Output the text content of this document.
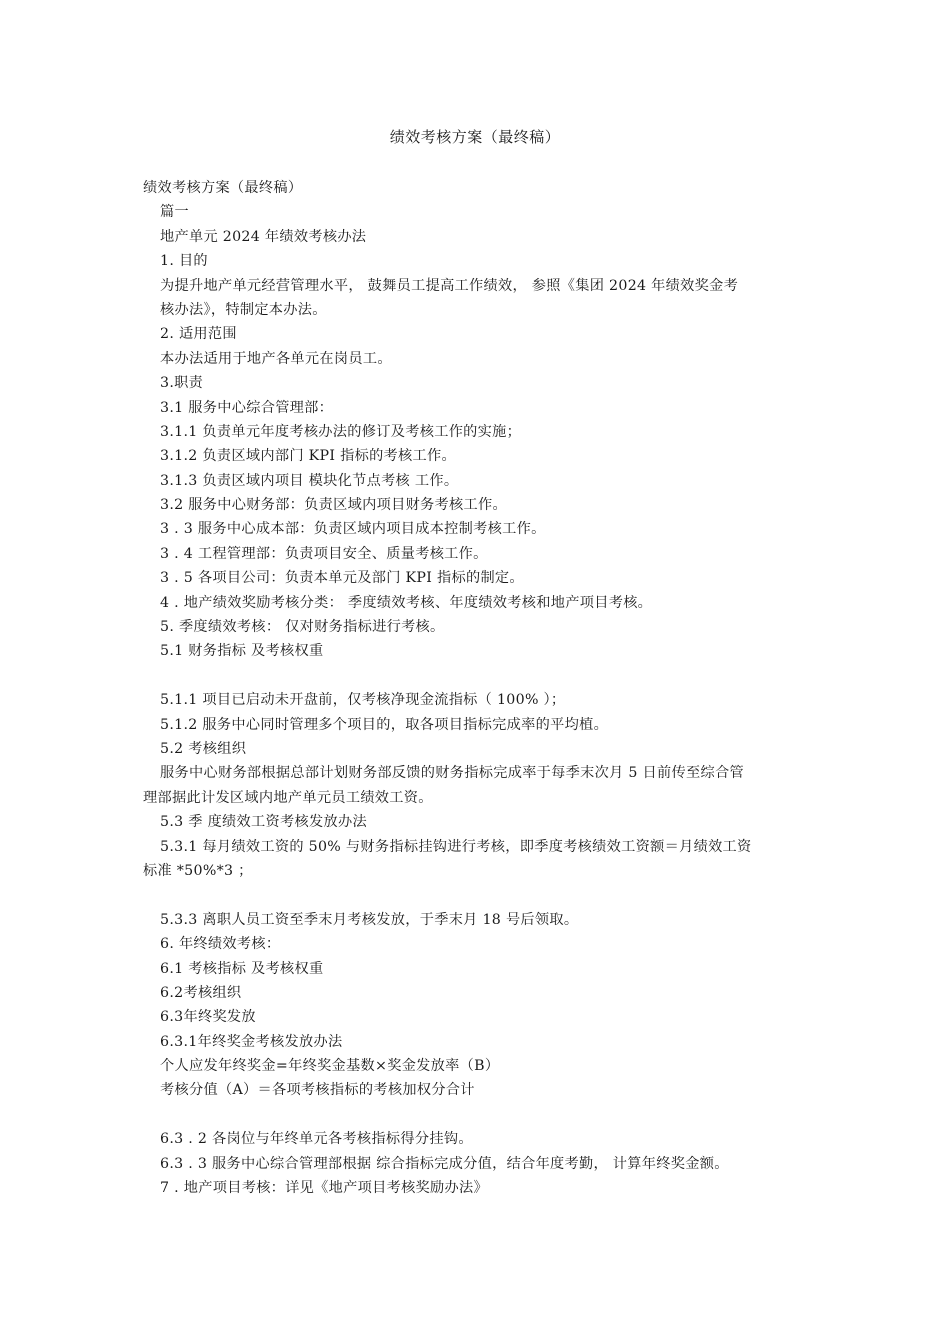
绩效考核方案（最终稿）
绩效考核方案（最终稿）
篇一
地产单元 2024 年绩效考核办法
1. 目的
为提升地产单元经营管理水平， 鼓舞员工提高工作绩效， 参照《集团 2024 年绩效奖金考
核办法》，特制定本办法。
2. 适用范围
本办法适用于地产各单元在岗员工。
3.职责
3.1 服务中心综合管理部：
3.1.1 负责单元年度考核办法的修订及考核工作的实施；
3.1.2 负责区域内部门 KPI 指标的考核工作。
3.1.3 负责区域内项目 模块化节点考核 工作。
3.2 服务中心财务部：负责区域内项目财务考核工作。
3 . 3 服务中心成本部：负责区域内项目成本控制考核工作。
3 . 4 工程管理部：负责项目安全、质量考核工作。
3 . 5 各项目公司：负责本单元及部门 KPI 指标的制定。
4 . 地产绩效奖励考核分类： 季度绩效考核、年度绩效考核和地产项目考核。
5. 季度绩效考核： 仅对财务指标进行考核。
5.1 财务指标 及考核权重
5.1.1 项目已启动未开盘前，仅考核净现金流指标（ 100% ）；
5.1.2 服务中心同时管理多个项目的，取各项目指标完成率的平均植。
5.2 考核组织
服务中心财务部根据总部计划财务部反馈的财务指标完成率于每季末次月 5 日前传至综合管
理部据此计发区域内地产单元员工绩效工资。
5.3 季 度绩效工资考核发放办法
5.3.1 每月绩效工资的 50% 与财务指标挂钩进行考核，即季度考核绩效工资额＝月绩效工资
标准 *50%*3 ；
5.3.3 离职人员工资至季末月考核发放，于季末月 18 号后领取。
6. 年终绩效考核：
6.1 考核指标 及考核权重
6.2考核组织
6.3年终奖发放
6.3.1年终奖金考核发放办法
个人应发年终奖金=年终奖金基数×奖金发放率（B）
考核分值（A）＝各项考核指标的考核加权分合计
6.3 . 2 各岗位与年终单元各考核指标得分挂钩。
6.3 . 3 服务中心综合管理部根据 综合指标完成分值，结合年度考勤， 计算年终奖金额。
7 . 地产项目考核：详见《地产项目考核奖励办法》
